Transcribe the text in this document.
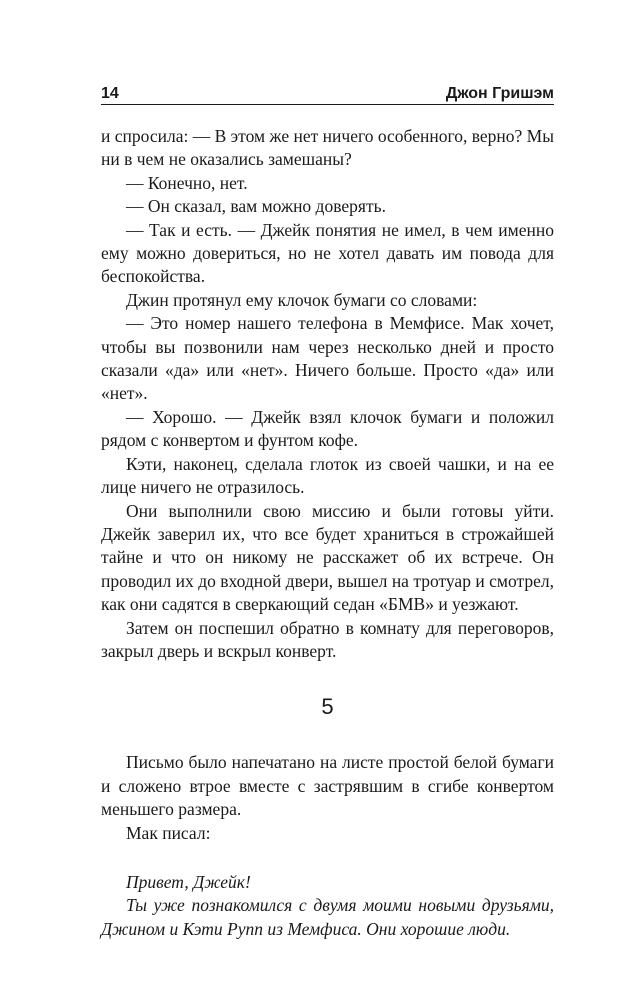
14	Джон Гришэм

и спросила: — В этом же нет ничего особенного, верно? Мы ни в чем не оказались замешаны?

— Конечно, нет.

— Он сказал, вам можно доверять.

— Так и есть. — Джейк понятия не имел, в чем именно ему можно довериться, но не хотел давать им повода для беспокойства.

Джин протянул ему клочок бумаги со словами:

— Это номер нашего телефона в Мемфисе. Мак хочет, чтобы вы позвонили нам через несколько дней и просто сказали «да» или «нет». Ничего больше. Просто «да» или «нет».

— Хорошо. — Джейк взял клочок бумаги и положил рядом с конвертом и фунтом кофе.

Кэти, наконец, сделала глоток из своей чашки, и на ее лице ничего не отразилось.

Они выполнили свою миссию и были готовы уйти. Джейк заверил их, что все будет храниться в строжайшей тайне и что он никому не расскажет об их встрече. Он проводил их до входной двери, вышел на тротуар и смотрел, как они садятся в сверкающий седан «БМВ» и уезжают.

Затем он поспешил обратно в комнату для переговоров, закрыл дверь и вскрыл конверт.

5

Письмо было напечатано на листе простой белой бумаги и сложено втрое вместе с застрявшим в сгибе конвертом меньшего размера.

Мак писал:

Привет, Джейк!

Ты уже познакомился с двумя моими новыми друзьями, Джином и Кэти Рупп из Мемфиса. Они хорошие люди.
